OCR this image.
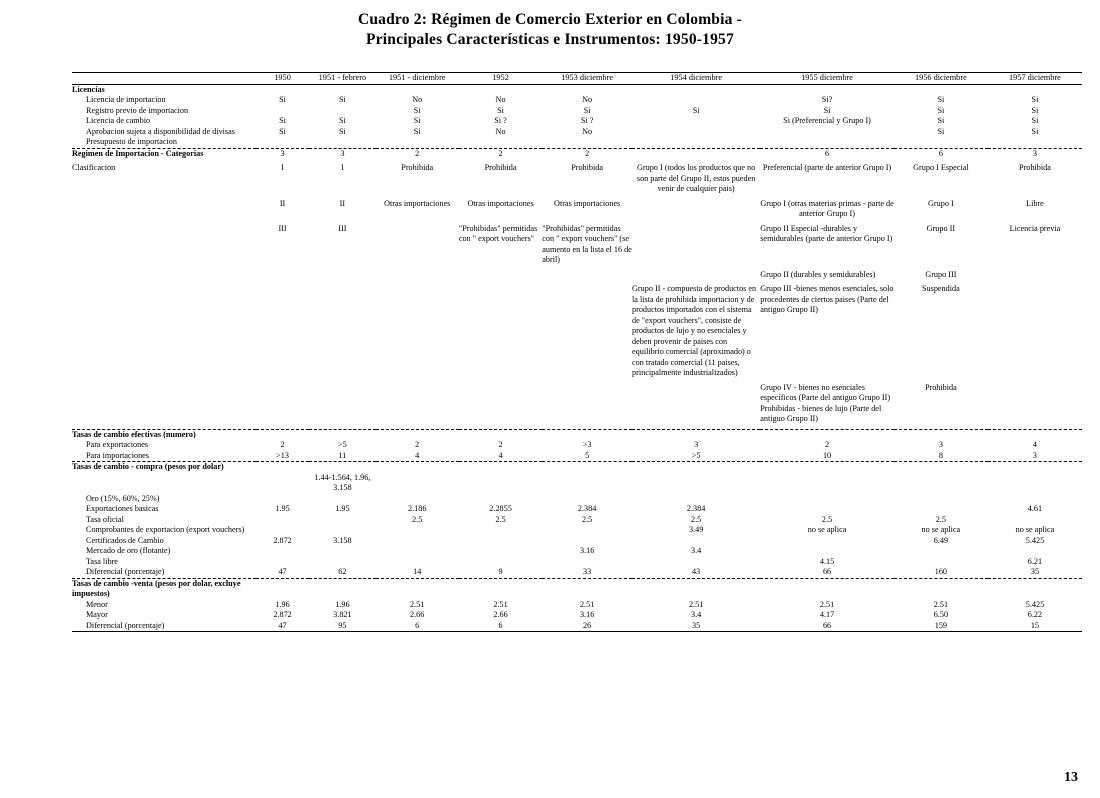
Cuadro 2: Régimen de Comercio Exterior en Colombia -
Principales Características e Instrumentos: 1950-1957

	1950	1951 - febrero	1951 - diciembre	1952	1953 diciembre	1954 diciembre	1955 diciembre	1956 diciembre	1957 diciembre

Licencias									
Licencia de importacion	Si	Si	No	No	No		Si?	Si	Si
Registro previo de importacion			Si	Si	Si	Si	Si	Si	Si
Licencia de cambio	Si	Si	Si	Si ?	Si ?		Si (Preferencial y Grupo I)	Si	Si
Aprobacion sujeta a disponibilidad de divisas	Si	Si	Si	No	No			Si	Si
Presupuesto de importacion									

Regimen de Importacion - Categorias	3	3	2	2	2		6	6	3

Clasificacion	I	I	Prohibida	Prohibida	Prohibida	Grupo I (todos los productos que no son parte del Grupo II, estos pueden venir de cualquier pais)	Preferencial (parte de anterior Grupo I)	Grupo I Especial	Prohibida

	II	II	Otras importaciones	Otras importaciones	Otras importaciones		Grupo I (otras materias primas - parte de anterior Grupo I)	Grupo I	Libre

	III	III		"Prohibidas" permitidas con " export vouchers"	"Prohibidas" permitidas con " export vouchers" (se aumento en la lista el 16 de abril)		Grupo II Especial -durables y semidurables (parte de anterior Grupo I)	Grupo II	Licencia previa

							Grupo II (durables y semidurables)	Grupo III	

						Grupo II - compuesta de productos en la lista de prohibida importacion y de productos importados con el sistema de "export vouchers", consiste de productos de lujo y no esenciales y deben provenir de paises con equilibrio comercial (aproximado) o con tratado comercial (11 paises, principalmente industrializados)	Grupo III -bienes menos esenciales, solo procedentes de ciertos paises (Parte del antiguo Grupo II)	Suspendida	

							Grupo IV - bienes no esenciales específicos (Parte del antiguo Grupo II)	Prohibida	
							Prohibidas - bienes de lujo (Parte del antiguo Grupo II)		

Tasas de cambio efectivas (numero)									
Para exportaciones	2	>5	2	2	>3	3	2	3	4
Para importaciones	>13	11	4	4	5	>5	10	8	3

Tasas de cambio - compra (pesos por dolar)									
		1.44-1.564, 1.96, 3.158							
Oro (15%, 60%, 25%)									
Exportaciones basicas	1.95	1.95	2.186	2.2855	2.384	2.384			4.61
Tasa oficial			2.5	2.5	2.5	2.5	2.5	2.5	
Comprobantes de exportacion (export vouchers)						3.49	no se aplica	no se aplica	no se aplica
Certificados de Cambio	2.872	3.158						6.49	5.425
Mercado de oro (flotante)					3.16	3.4			
Tasa libre							4.15		6.21
Diferencial (porcentaje)	47	62	14	9	33	43	66	160	35

Tasas de cambio -venta (pesos por dolar, excluye impuestos)									
Menor	1.96	1.96	2.51	2.51	2.51	2.51	2.51	2.51	5.425
Mayor	2.872	3.821	2.66	2.66	3.16	3.4	4.17	6.50	6.22
Diferencial (porcentaje)	47	95	6	6	26	35	66	159	15

13
